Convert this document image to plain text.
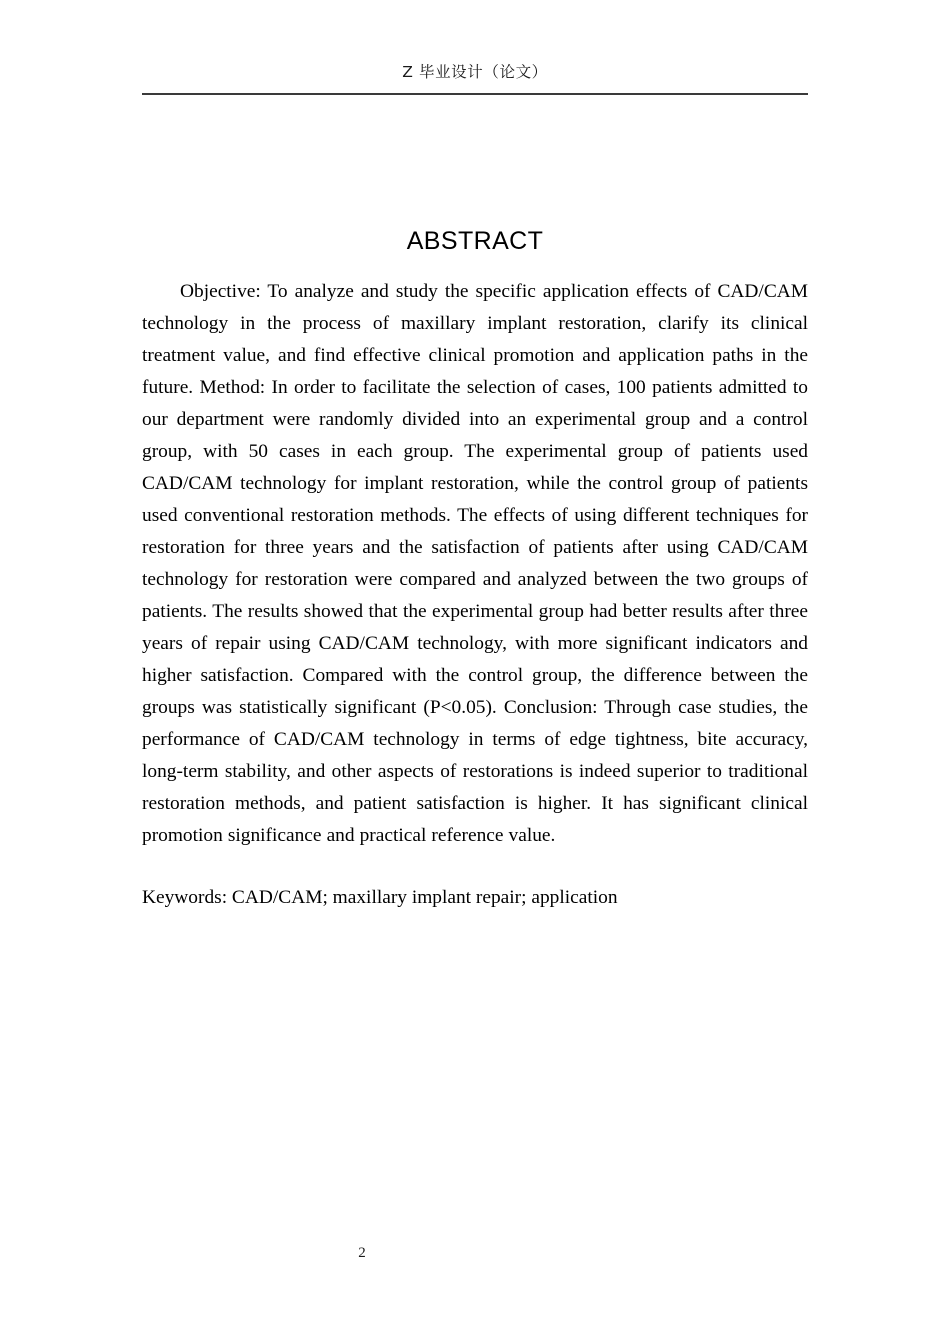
Z 毕业设计（论文）
ABSTRACT

Objective: To analyze and study the specific application effects of CAD/CAM technology in the process of maxillary implant restoration, clarify its clinical treatment value, and find effective clinical promotion and application paths in the future. Method: In order to facilitate the selection of cases, 100 patients admitted to our department were randomly divided into an experimental group and a control group, with 50 cases in each group. The experimental group of patients used CAD/CAM technology for implant restoration, while the control group of patients used conventional restoration methods. The effects of using different techniques for restoration for three years and the satisfaction of patients after using CAD/CAM technology for restoration were compared and analyzed between the two groups of patients. The results showed that the experimental group had better results after three years of repair using CAD/CAM technology, with more significant indicators and higher satisfaction. Compared with the control group, the difference between the groups was statistically significant (P<0.05). Conclusion: Through case studies, the performance of CAD/CAM technology in terms of edge tightness, bite accuracy, long-term stability, and other aspects of restorations is indeed superior to traditional restoration methods, and patient satisfaction is higher. It has significant clinical promotion significance and practical reference value.

Keywords: CAD/CAM; maxillary implant repair; application

2
